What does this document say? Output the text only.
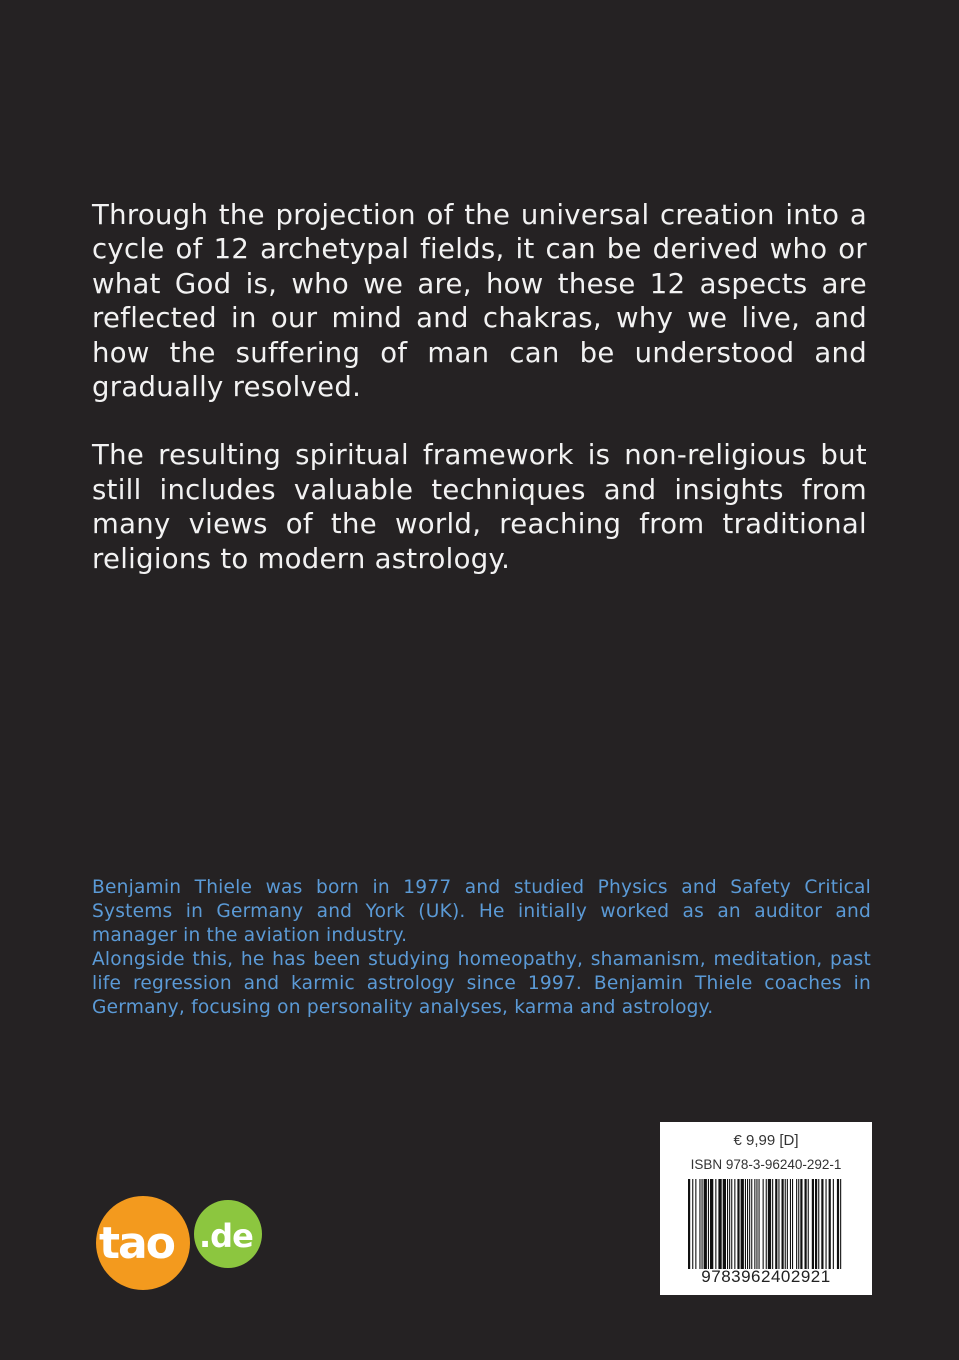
Through the projection of the universal creation into a cycle of 12 archetypal fields, it can be derived who or what God is, who we are, how these 12 aspects are reflected in our mind and chakras, why we live, and how the suffering of man can be understood and gradually resolved.

The resulting spiritual framework is non-religious but still includes valuable techniques and insights from many views of the world, reaching from traditional religions to modern astrology.

Benjamin Thiele was born in 1977 and studied Physics and Safety Critical Systems in Germany and York (UK). He initially worked as an auditor and manager in the aviation industry.

Alongside this, he has been studying homeopathy, shamanism, meditation, past life regression and karmic astrology since 1997. Benjamin Thiele coaches in Germany, focusing on personality analyses, karma and astrology.

tao .de
€ 9,99 [D]
ISBN 978-3-96240-292-1
9783962402921
